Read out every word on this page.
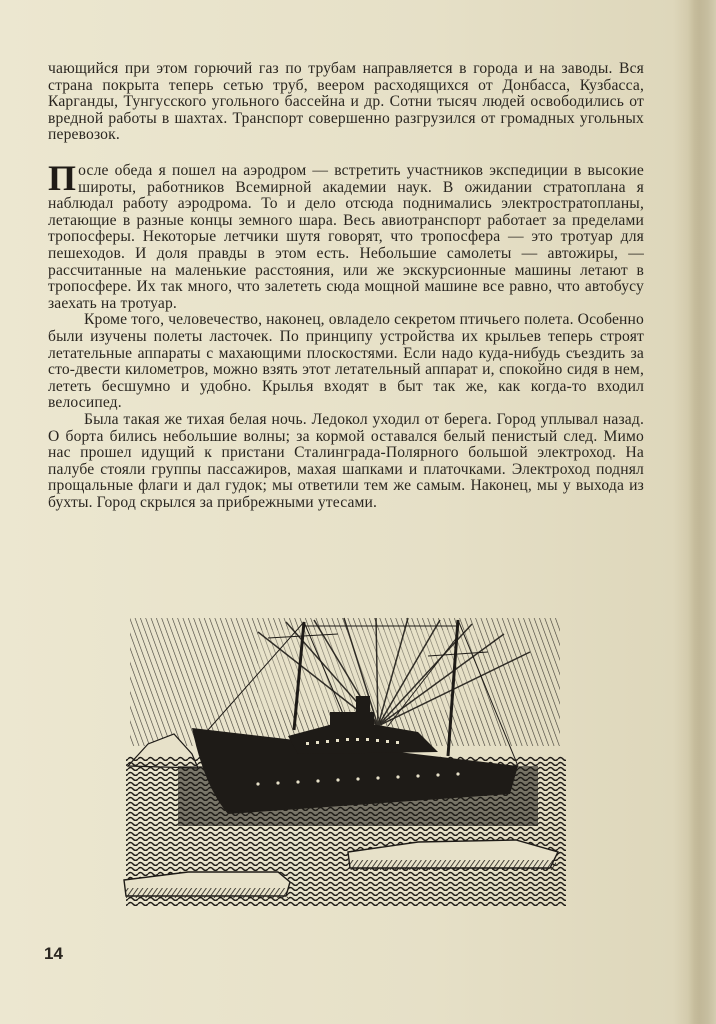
чающийся при этом горючий газ по трубам направляется в города и на заводы. Вся страна покрыта теперь сетью труб, веером расходящихся от Донбасса, Кузбасса, Карганды, Тунгусского угольного бассейна и др. Сотни тысяч людей освободились от вредной работы в шахтах. Транспорт совершенно разгрузился от громадных угольных перевозок.

После обеда я пошел на аэродром — встретить участников экспедиции в высокие широты, работников Всемирной академии наук. В ожидании стратоплана я наблюдал работу аэродрома. То и дело отсюда поднимались электростратопланы, летающие в разные концы земного шара. Весь авиотранспорт работает за пределами тропосферы. Некоторые летчики шутя говорят, что тропосфера — это тротуар для пешеходов. И доля правды в этом есть. Небольшие самолеты — автожиры, — рассчитанные на маленькие расстояния, или же экскурсионные машины летают в тропосфере. Их так много, что залететь сюда мощной машине все равно, что автобусу заехать на тротуар.

Кроме того, человечество, наконец, овладело секретом птичьего полета. Особенно были изучены полеты ласточек. По принципу устройства их крыльев теперь строят летательные аппараты с махающими плоскостями. Если надо куда-нибудь съездить за сто-двести километров, можно взять этот летательный аппарат и, спокойно сидя в нем, лететь бесшумно и удобно. Крылья входят в быт так же, как когда-то входил велосипед.

Была такая же тихая белая ночь. Ледокол уходил от берега. Город уплывал назад. О борта бились небольшие волны; за кормой оставался белый пенистый след. Мимо нас прошел идущий к пристани Сталинграда-Полярного большой электроход. На палубе стояли группы пассажиров, махая шапками и платочками. Электроход поднял прощальные флаги и дал гудок; мы ответили тем же самым. Наконец, мы у выхода из бухты. Город скрылся за прибрежными утесами.

14
